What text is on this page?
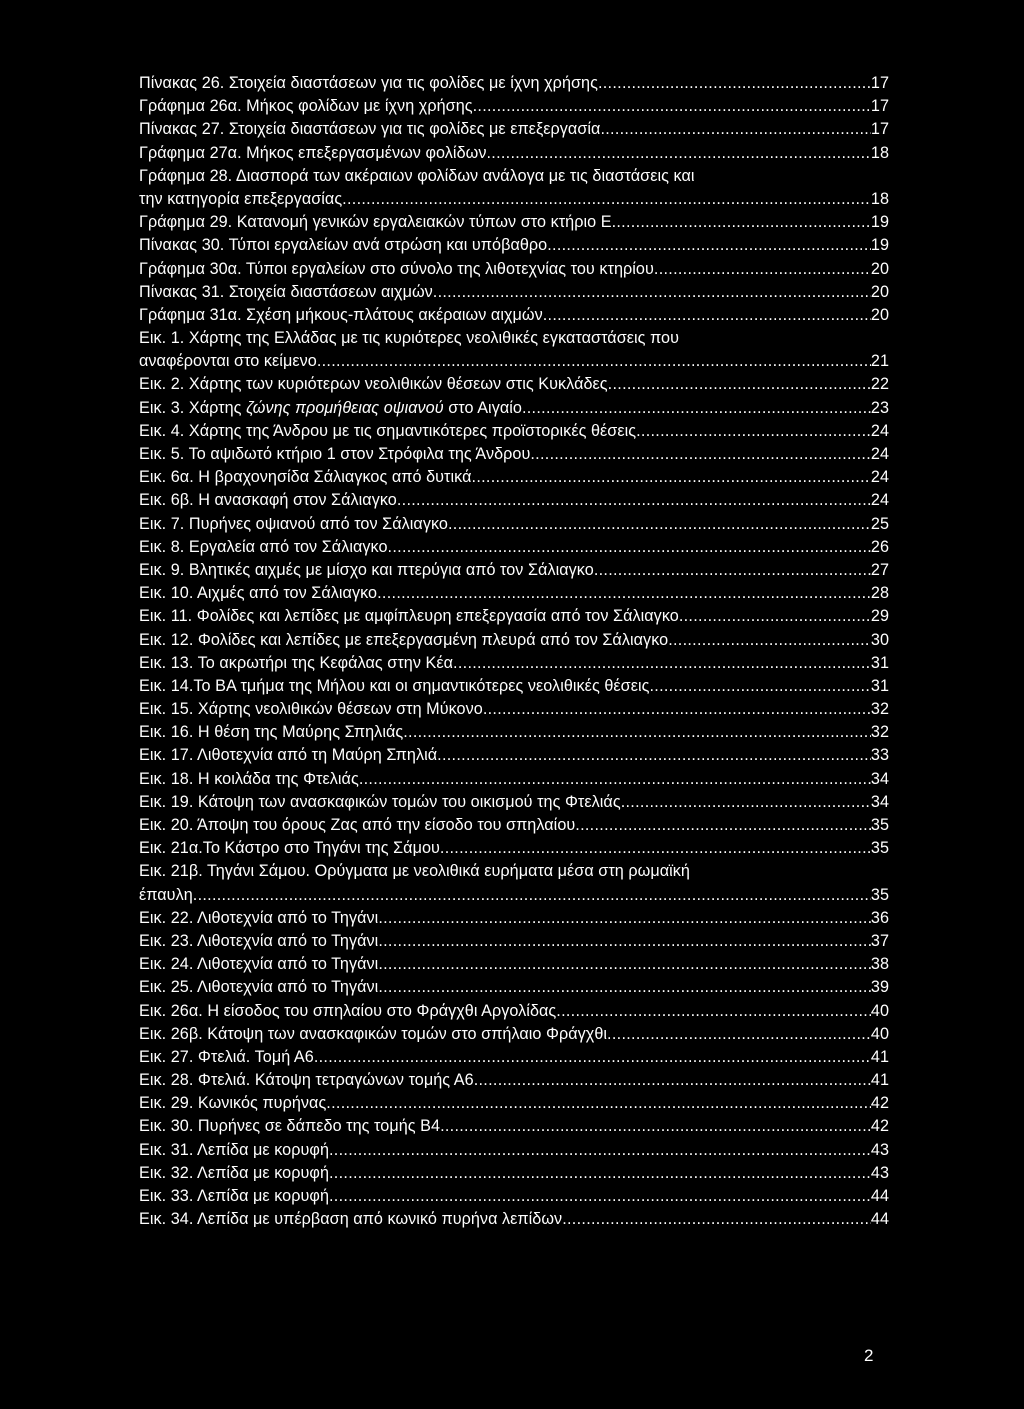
Πίνακας 26. Στοιχεία διαστάσεων για τις φολίδες με ίχνη χρήσης .....	17
Γράφημα 26α. Μήκος φολίδων με ίχνη χρήσης .....	17
Πίνακας 27. Στοιχεία διαστάσεων για τις φολίδες με επεξεργασία .....	17
Γράφημα 27α. Μήκος επεξεργασμένων φολίδων .....	18
Γράφημα 28. Διασπορά των ακέραιων φολίδων ανάλογα με τις διαστάσεις και
την κατηγορία επεξεργασίας .....	18
Γράφημα 29. Κατανομή γενικών εργαλειακών τύπων στο κτήριο Ε .....	19
Πίνακας 30. Τύποι εργαλείων ανά στρώση και υπόβαθρο .....	19
Γράφημα 30α. Τύποι εργαλείων στο σύνολο της λιθοτεχνίας του κτηρίου .....	20
Πίνακας 31. Στοιχεία διαστάσεων αιχμών .....	20
Γράφημα 31α. Σχέση μήκους-πλάτους ακέραιων αιχμών .....	20
Εικ. 1. Χάρτης της Ελλάδας με τις κυριότερες νεολιθικές εγκαταστάσεις που
αναφέρονται στο κείμενο .....	21
Εικ. 2. Χάρτης των κυριότερων νεολιθικών θέσεων στις Κυκλάδες .....	22
Εικ. 3. Χάρτης ζώνης προμήθειας οψιανού στο Αιγαίο .....	23
Εικ. 4. Χάρτης της Άνδρου με τις σημαντικότερες προϊστορικές θέσεις .....	24
Εικ. 5. Το αψιδωτό κτήριο 1 στον Στρόφιλα της Άνδρου .....	24
Εικ. 6α. Η βραχονησίδα Σάλιαγκος από δυτικά .....	24
Εικ. 6β. Η ανασκαφή στον Σάλιαγκο .....	24
Εικ. 7. Πυρήνες οψιανού από τον Σάλιαγκο .....	25
Εικ. 8. Εργαλεία από τον Σάλιαγκο .....	26
Εικ. 9. Βλητικές αιχμές με μίσχο και πτερύγια από τον Σάλιαγκο .....	27
Εικ. 10. Αιχμές από τον Σάλιαγκο .....	28
Εικ. 11. Φολίδες και λεπίδες με αμφίπλευρη επεξεργασία από τον Σάλιαγκο .....	29
Εικ. 12. Φολίδες και λεπίδες με επεξεργασμένη πλευρά από τον Σάλιαγκο .....	30
Εικ. 13. Το ακρωτήρι της Κεφάλας στην Κέα .....	31
Εικ. 14.Το ΒΑ τμήμα της Μήλου και οι σημαντικότερες νεολιθικές θέσεις .....	31
Εικ. 15. Χάρτης νεολιθικών θέσεων στη Μύκονο .....	32
Εικ. 16. Η θέση της Μαύρης Σπηλιάς .....	32
Εικ. 17. Λιθοτεχνία από τη Μαύρη Σπηλιά .....	33
Εικ. 18. Η κοιλάδα της Φτελιάς .....	34
Εικ. 19. Κάτοψη των ανασκαφικών τομών του οικισμού της Φτελιάς .....	34
Εικ. 20. Άποψη του όρους Ζας από την είσοδο του σπηλαίου .....	35
Εικ. 21α.Το Κάστρο στο Τηγάνι της Σάμου .....	35
Εικ. 21β. Τηγάνι Σάμου. Ορύγματα με νεολιθικά ευρήματα μέσα στη ρωμαϊκή
έπαυλη .....	35
Εικ. 22. Λιθοτεχνία από το Τηγάνι .....	36
Εικ. 23. Λιθοτεχνία από το Τηγάνι .....	37
Εικ. 24. Λιθοτεχνία από το Τηγάνι .....	38
Εικ. 25. Λιθοτεχνία από το Τηγάνι .....	39
Εικ. 26α. Η είσοδος του σπηλαίου στο Φράγχθι Αργολίδας .....	40
Εικ. 26β. Κάτοψη των ανασκαφικών τομών στο σπήλαιο Φράγχθι .....	40
Εικ. 27. Φτελιά. Τομή Α6 .....	41
Εικ. 28. Φτελιά. Κάτοψη τετραγώνων τομής Α6 .....	41
Εικ. 29. Κωνικός πυρήνας .....	42
Εικ. 30. Πυρήνες σε δάπεδο της τομής Β4 .....	42
Εικ. 31. Λεπίδα με κορυφή .....	43
Εικ. 32. Λεπίδα με κορυφή .....	43
Εικ. 33. Λεπίδα με κορυφή .....	44
Εικ. 34. Λεπίδα με υπέρβαση από κωνικό πυρήνα λεπίδων .....	44
2
